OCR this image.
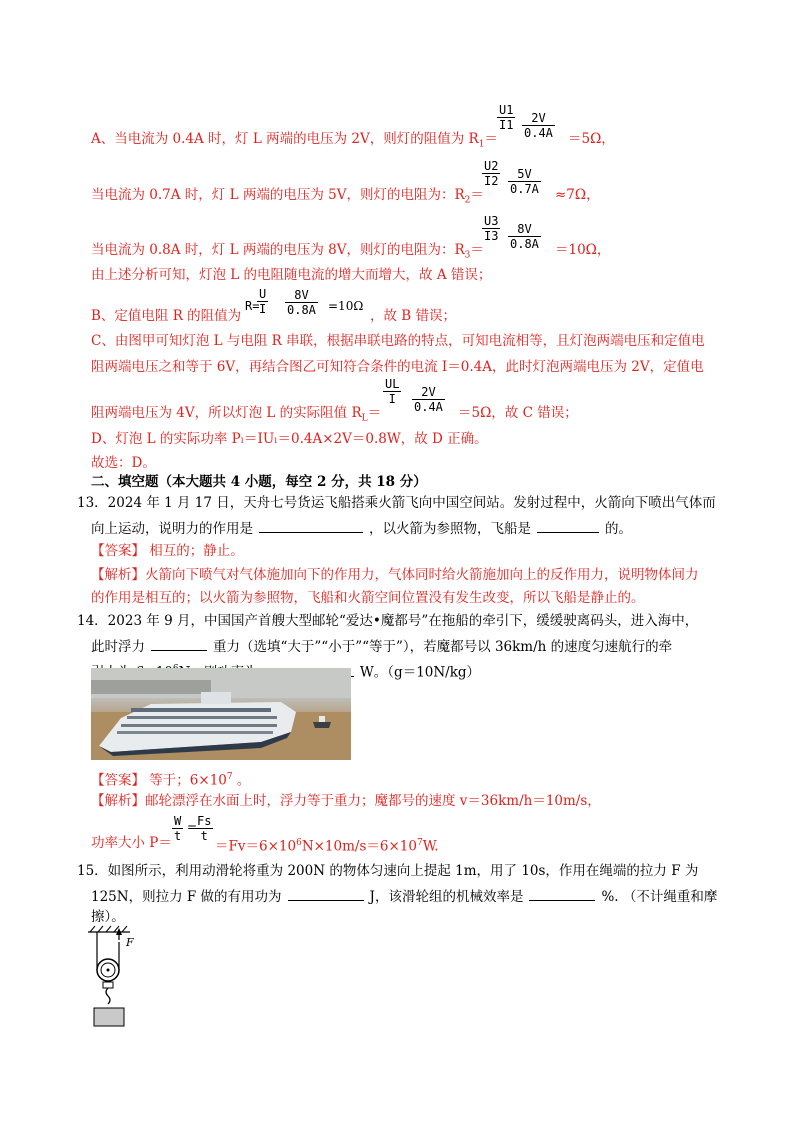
A、当电流为 0.4A 时，灯 L 两端的电压为 2V，则灯的阻值为 $R_1=$
$\frac{U1}{I1} \frac{2V}{0.4A} =5\Omega$，
当电流为 0.7A 时，灯 L 两端的电压为 5V，则灯的电阻为：$R_2=$
$\frac{U2}{I2} \frac{5V}{0.7A} \approx 7\Omega$，
当电流为 0.8A 时，灯 L 两端的电压为 8V，则灯的电阻为：$R_3=$
$\frac{U3}{I3} \frac{8V}{0.8A} =10\Omega$，
由上述分析可知，灯泡 L 的电阻随电流的增大而增大，故 A 错误；
B、定值电阻 R 的阻值为
R=
$\frac{U}{I} \frac{8V}{0.8A} =10\Omega$
，故 B 错误；
C、由图甲可知灯泡 L 与电阻 R 串联，根据串联电路的特点，可知电流相等，且灯泡两端电压和定值电
阻两端电压之和等于 6V，再结合图乙可知符合条件的电流 I＝0.4A，此时灯泡两端电压为 2V，定值电
阻两端电压为 4V，所以灯泡 L 的实际阻值 $R_L=$
$\frac{UL}{I} \frac{2V}{0.4A} =5\Omega$，故 C 错误；
D、灯泡 L 的实际功率 Pₗ＝IUₗ＝0.4A×2V＝0.8W，故 D 正确。
故选：D。
二、填空题（本大题共 4 小题，每空 2 分，共 18 分）
13．2024 年 1 月 17 日，天舟七号货运飞船搭乘火箭飞向中国空间站。发射过程中，火箭向下喷出气体而
向上运动，说明力的作用是	，以火箭为参照物，飞船是	的。
【答案】 相互的；静止。
【解析】火箭向下喷气对气体施加向下的作用力，气体同时给火箭施加向上的反作用力，说明物体间力
的作用是相互的；以火箭为参照物，飞船和火箭空间位置没有发生改变，所以飞船是静止的。
14．2023 年 9 月，中国国产首艘大型邮轮“爱达•魔都号”在拖船的牵引下，缓缓驶离码头，进入海中，
此时浮力	重力（选填“大于”“小于”“等于”），若魔都号以 36km/h 的速度匀速航行的牵
W。（g＝10N/kg）
【答案】 等于；$6\times 10^7$ 。
【解析】邮轮漂浮在水面上时，浮力等于重力；魔都号的速度 v＝36km/h＝10m/s，
功率大小 $P= \frac{W}{t}$ =
$\frac{Fs}{t}$
$=Fv=6\times 10^6N\times 10m/s=6\times 10^7W$.
15．如图所示，利用动滑轮将重为 200N 的物体匀速向上提起 1m，用了 10s，作用在绳端的拉力 F 为
125N，则拉力 F 做的有用功为	J，该滑轮组的机械效率是	%. （不计绳重和摩
擦）。
F
